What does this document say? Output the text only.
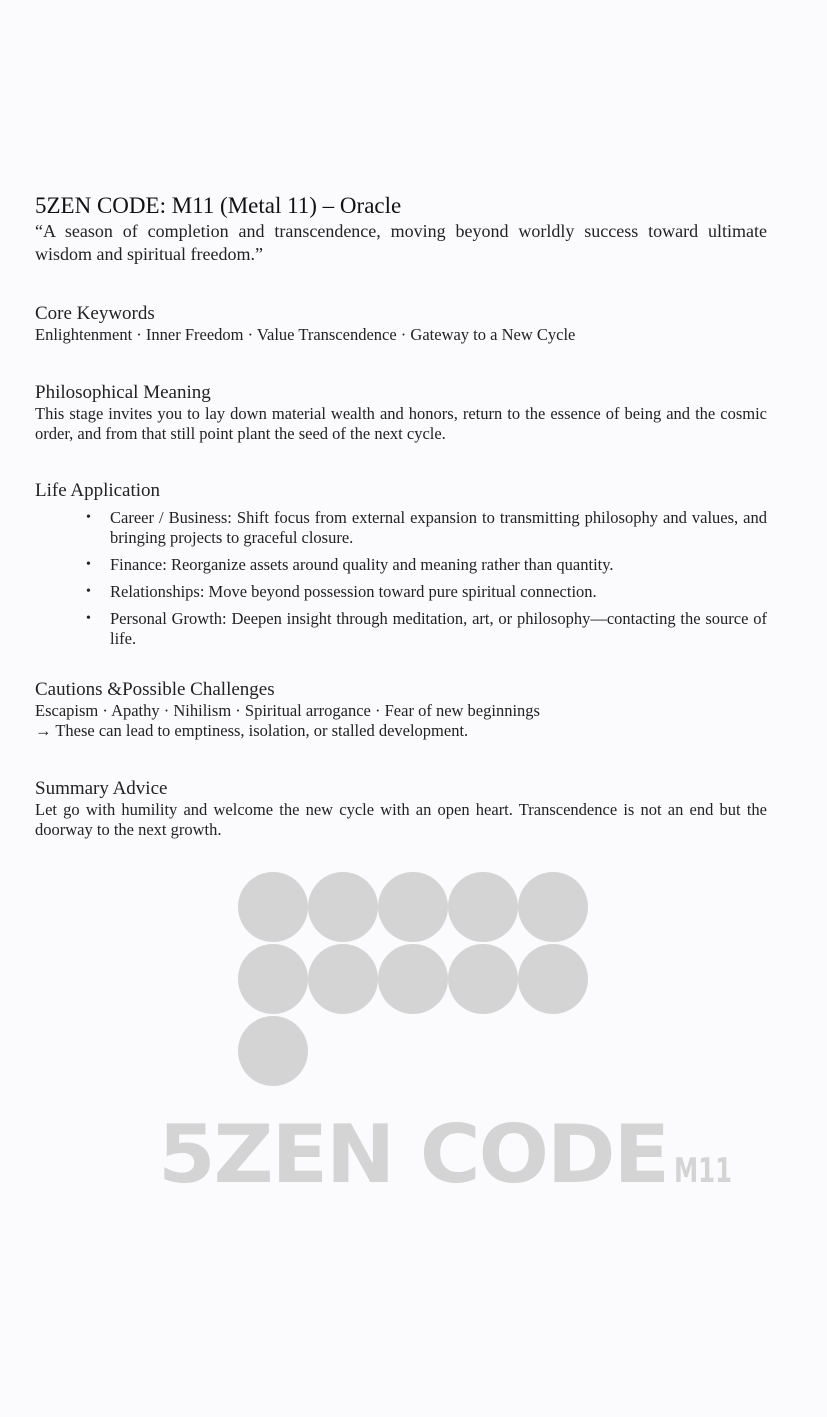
5ZEN CODE: M11 (Metal 11) – Oracle

“A season of completion and transcendence, moving beyond worldly success toward ultimate wisdom and spiritual freedom.”

Core Keywords

Enlightenment · Inner Freedom · Value Transcendence · Gateway to a New Cycle

Philosophical Meaning

This stage invites you to lay down material wealth and honors, return to the essence of being and the cosmic order, and from that still point plant the seed of the next cycle.

Life Application
• Career / Business: Shift focus from external expansion to transmitting philosophy and values, and bringing projects to graceful closure.
• Finance: Reorganize assets around quality and meaning rather than quantity.
• Relationships: Move beyond possession toward pure spiritual connection.
• Personal Growth: Deepen insight through meditation, art, or philosophy—contacting the source of life.
Cautions &Possible Challenges

Escapism · Apathy · Nihilism · Spiritual arrogance · Fear of new beginnings

→ These can lead to emptiness, isolation, or stalled development.

Summary Advice

Let go with humility and welcome the new cycle with an open heart. Transcendence is not an end but the doorway to the next growth.

5ZEN CODE M11
